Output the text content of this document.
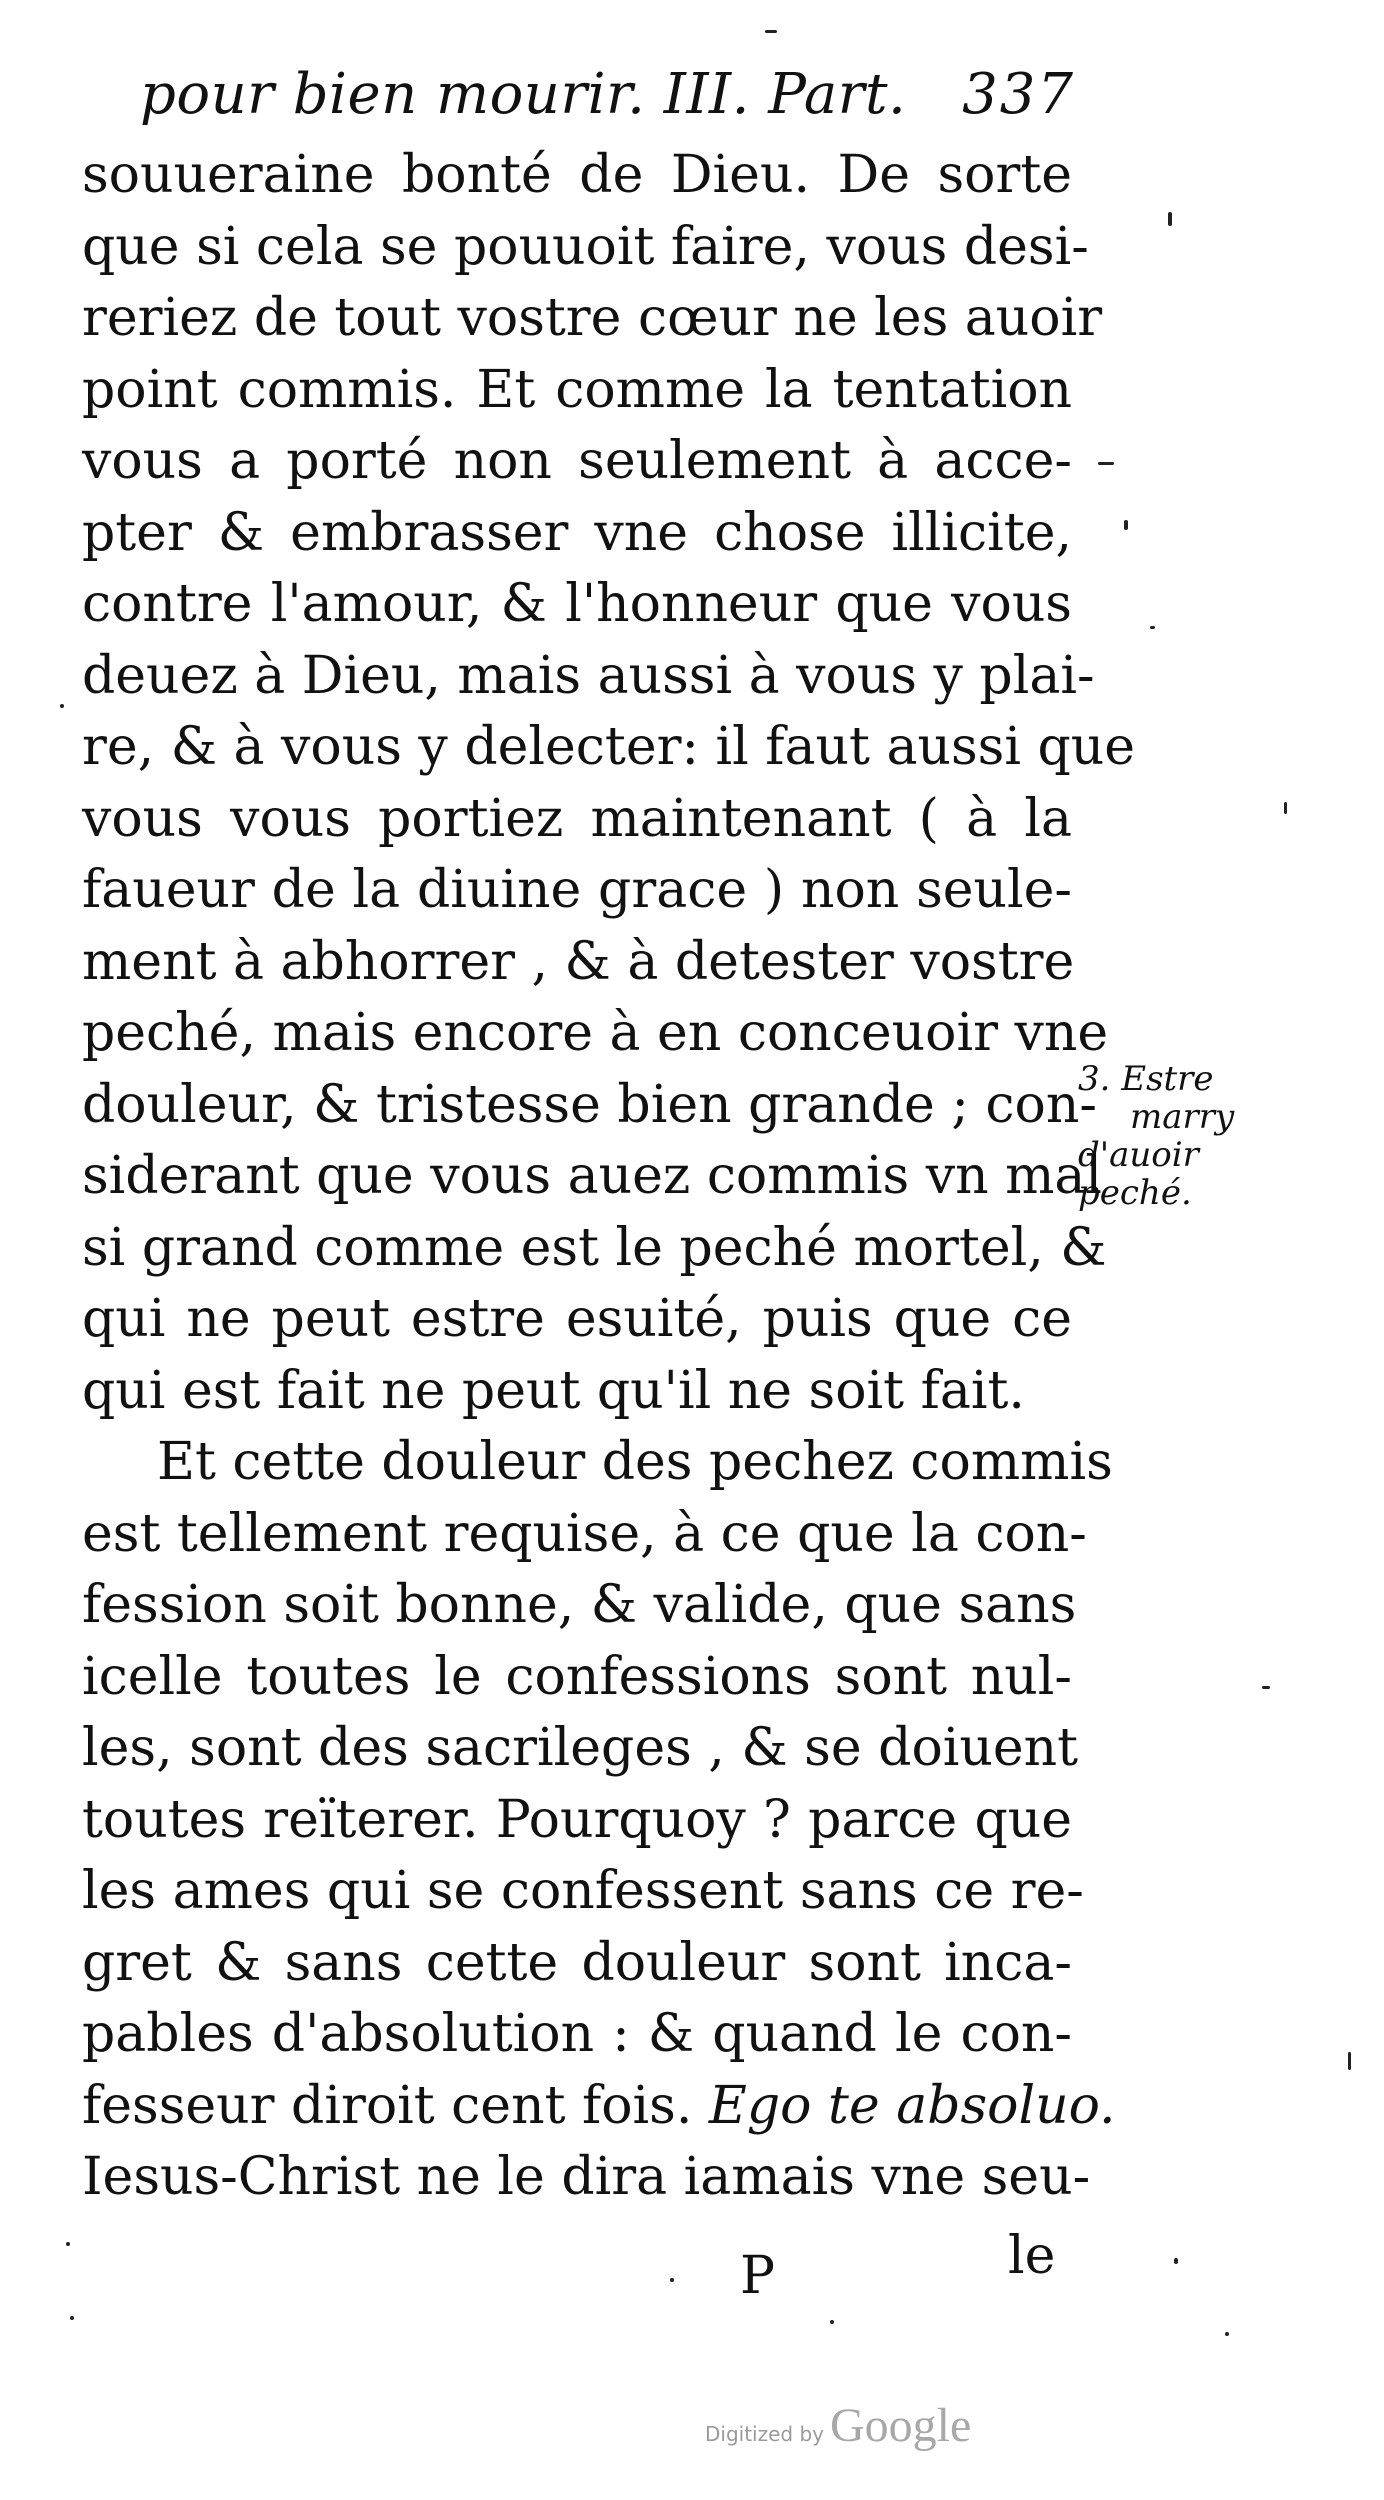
pour bien mourir. III. Part. 337
souueraine bonté de Dieu. De sorte
que si cela se pouuoit faire, vous desi-
reriez de tout vostre cœur ne les auoir
point commis. Et comme la tentation
vous a porté non seulement à acce-
pter & embrasser vne chose illicite,
contre l'amour, & l'honneur que vous
deuez à Dieu, mais aussi à vous y plai-
re, & à vous y delecter: il faut aussi que
vous vous portiez maintenant ( à la
faueur de la diuine grace ) non seule-
ment à abhorrer , & à detester vostre
peché, mais encore à en conceuoir vne
douleur, & tristesse bien grande ; con-
siderant que vous auez commis vn mal
si grand comme est le peché mortel, &
qui ne peut estre esuité, puis que ce
qui est fait ne peut qu'il ne soit fait.
Et cette douleur des pechez commis
est tellement requise, à ce que la con-
fession soit bonne, & valide, que sans
icelle toutes le confessions sont nul-
les, sont des sacrileges , & se doiuent
toutes reïterer. Pourquoy ? parce que
les ames qui se confessent sans ce re-
gret & sans cette douleur sont inca-
pables d'absolution : & quand le con-
fesseur diroit cent fois. Ego te absoluo.
Iesus-Christ ne le dira iamais vne seu-
3. Estre
marry
d'auoir
peché.
P	le
Digitized by Google
